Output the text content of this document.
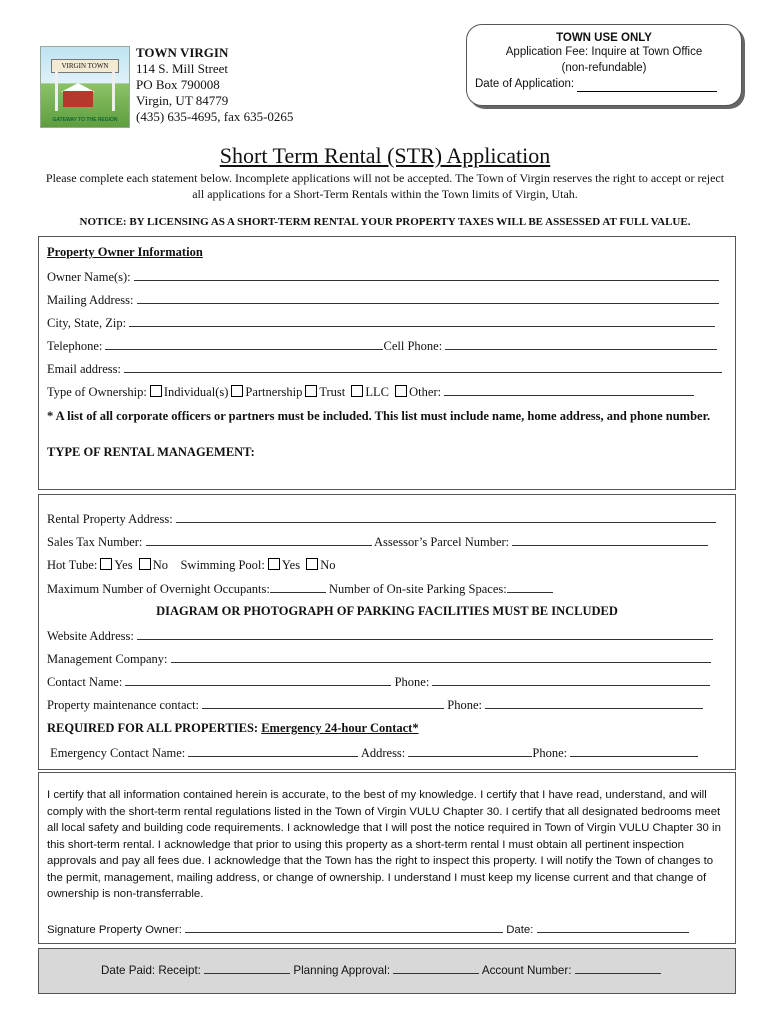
VIRGIN TOWN
GATEWAY TO THE REGION
TOWN VIRGIN
114 S. Mill Street
PO Box 790008
Virgin, UT 84779
(435) 635-4695, fax 635-0265
TOWN USE ONLY
Application Fee: Inquire at Town Office
(non-refundable)
Date of Application:
Short Term Rental (STR) Application
Please complete each statement below. Incomplete applications will not be accepted. The Town of Virgin reserves the right to accept or reject all applications for a Short-Term Rentals within the Town limits of Virgin, Utah.
NOTICE: BY LICENSING AS A SHORT-TERM RENTAL YOUR PROPERTY TAXES WILL BE ASSESSED AT FULL VALUE.
Property Owner Information
Owner Name(s):
Mailing Address:
City, State, Zip:
Telephone:	Cell Phone:
Email address:
Type of Ownership: Individual(s) Partnership Trust LLC Other:
* A list of all corporate officers or partners must be included. This list must include name, home address, and phone number.
TYPE OF RENTAL MANAGEMENT:
Rental Property Address:
Sales Tax Number:	Assessor’s Parcel Number:
Hot Tube: Yes No Swimming Pool: Yes No
Maximum Number of Overnight Occupants:	Number of On-site Parking Spaces:
DIAGRAM OR PHOTOGRAPH OF PARKING FACILITIES MUST BE INCLUDED
Website Address:
Management Company:
Contact Name:	Phone:
Property maintenance contact:	Phone:
REQUIRED FOR ALL PROPERTIES: Emergency 24-hour Contact*
Emergency Contact Name:	Address:	Phone:
I certify that all information contained herein is accurate, to the best of my knowledge. I certify that I have read, understand, and will comply with the short-term rental regulations listed in the Town of Virgin VULU Chapter 30. I certify that all designated bedrooms meet all local safety and building code requirements. I acknowledge that I will post the notice required in Town of Virgin VULU Chapter 30 in this short-term rental. I acknowledge that prior to using this property as a short-term rental I must obtain all pertinent inspection approvals and pay all fees due. I acknowledge that the Town has the right to inspect this property. I will notify the Town of changes to the permit, management, mailing address, or change of ownership. I understand I must keep my license current and that change of ownership is non-transferrable.
Signature Property Owner:	Date:
Date Paid: Receipt:	Planning Approval:	Account Number:
